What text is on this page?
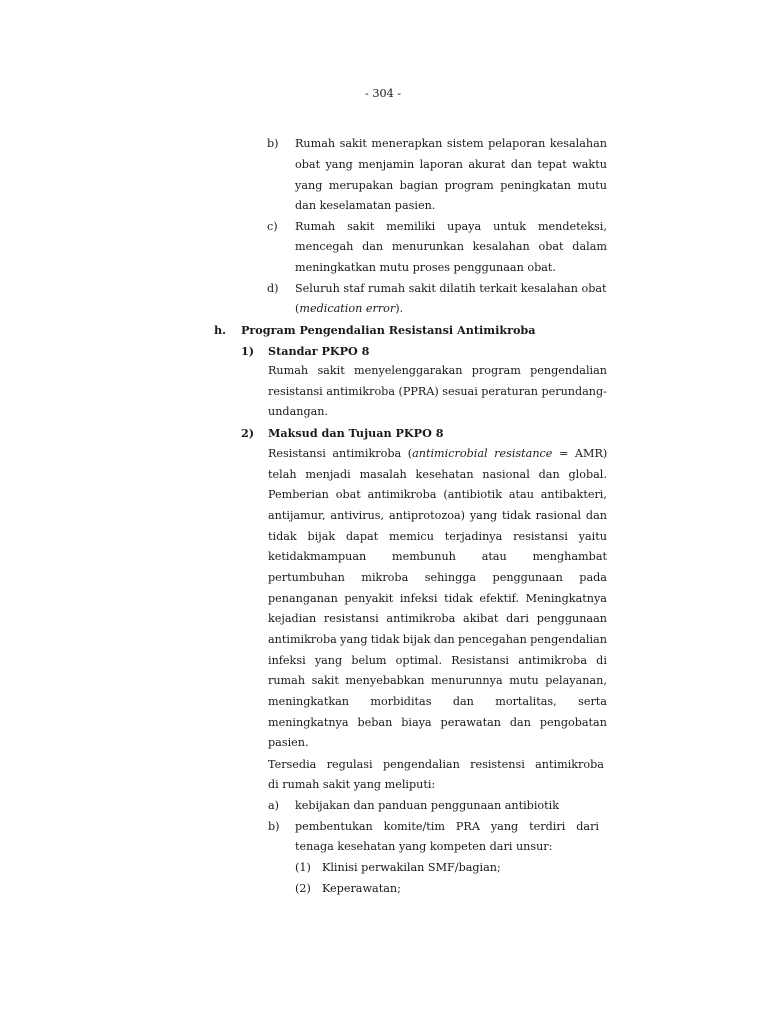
- 304 -
b) Rumah sakit menerapkan sistem pelaporan kesalahan
obat yang menjamin laporan akurat dan tepat waktu
yang merupakan bagian program peningkatan mutu
dan keselamatan pasien.
c) Rumah sakit memiliki upaya untuk mendeteksi,
mencegah dan menurunkan kesalahan obat dalam
meningkatkan mutu proses penggunaan obat.
d) Seluruh staf rumah sakit dilatih terkait kesalahan obat
(medication error).
h. Program Pengendalian Resistansi Antimikroba
1) Standar PKPO 8
Rumah sakit menyelenggarakan program pengendalian
resistansi antimikroba (PPRA) sesuai peraturan perundang-
undangan.
2) Maksud dan Tujuan PKPO 8
Resistansi antimikroba (antimicrobial resistance = AMR)
telah menjadi masalah kesehatan nasional dan global.
Pemberian obat antimikroba (antibiotik atau antibakteri,
antijamur, antivirus, antiprotozoa) yang tidak rasional dan
tidak bijak dapat memicu terjadinya resistansi yaitu
ketidakmampuan membunuh atau menghambat
pertumbuhan mikroba sehingga penggunaan pada
penanganan penyakit infeksi tidak efektif. Meningkatnya
kejadian resistansi antimikroba akibat dari penggunaan
antimikroba yang tidak bijak dan pencegahan pengendalian
infeksi yang belum optimal. Resistansi antimikroba di
rumah sakit menyebabkan menurunnya mutu pelayanan,
meningkatkan morbiditas dan mortalitas, serta
meningkatnya beban biaya perawatan dan pengobatan
pasien.
Tersedia regulasi pengendalian resistensi antimikroba
di rumah sakit yang meliputi:
a) kebijakan dan panduan penggunaan antibiotik
b) pembentukan komite/tim PRA yang terdiri dari
tenaga kesehatan yang kompeten dari unsur:
(1) Klinisi perwakilan SMF/bagian;
(2) Keperawatan;
